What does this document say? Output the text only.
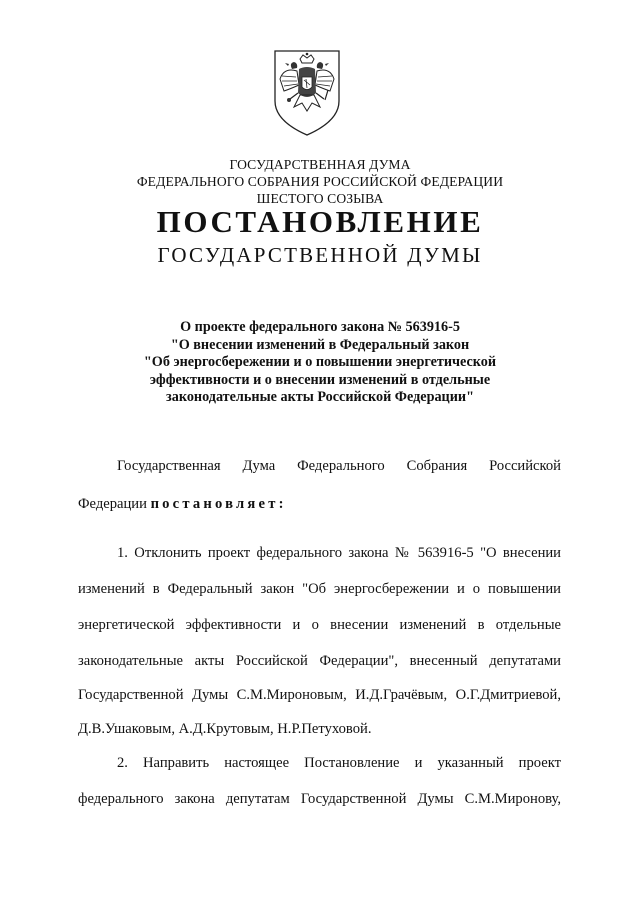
ГОСУДАРСТВЕННАЯ ДУМА
ФЕДЕРАЛЬНОГО СОБРАНИЯ РОССИЙСКОЙ ФЕДЕРАЦИИ
ШЕСТОГО СОЗЫВА
ПОСТАНОВЛЕНИЕ
ГОСУДАРСТВЕННОЙ ДУМЫ
О проекте федерального закона № 563916-5
"О внесении изменений в Федеральный закон
"Об энергосбережении и о повышении энергетической
эффективности и о внесении изменений в отдельные
законодательные акты Российской Федерации"
Государственная Дума Федерального Собрания Российской
Федерации постановляет:
1. Отклонить проект федерального закона № 563916-5 "О внесении
изменений в Федеральный закон "Об энергосбережении и о повышении
энергетической эффективности и о внесении изменений в отдельные
законодательные акты Российской Федерации", внесенный депутатами
Государственной Думы С.М.Мироновым, И.Д.Грачёвым, О.Г.Дмитриевой,
Д.В.Ушаковым, А.Д.Крутовым, Н.Р.Петуховой.
2. Направить настоящее Постановление и указанный проект
федерального закона депутатам Государственной Думы С.М.Миронову,
